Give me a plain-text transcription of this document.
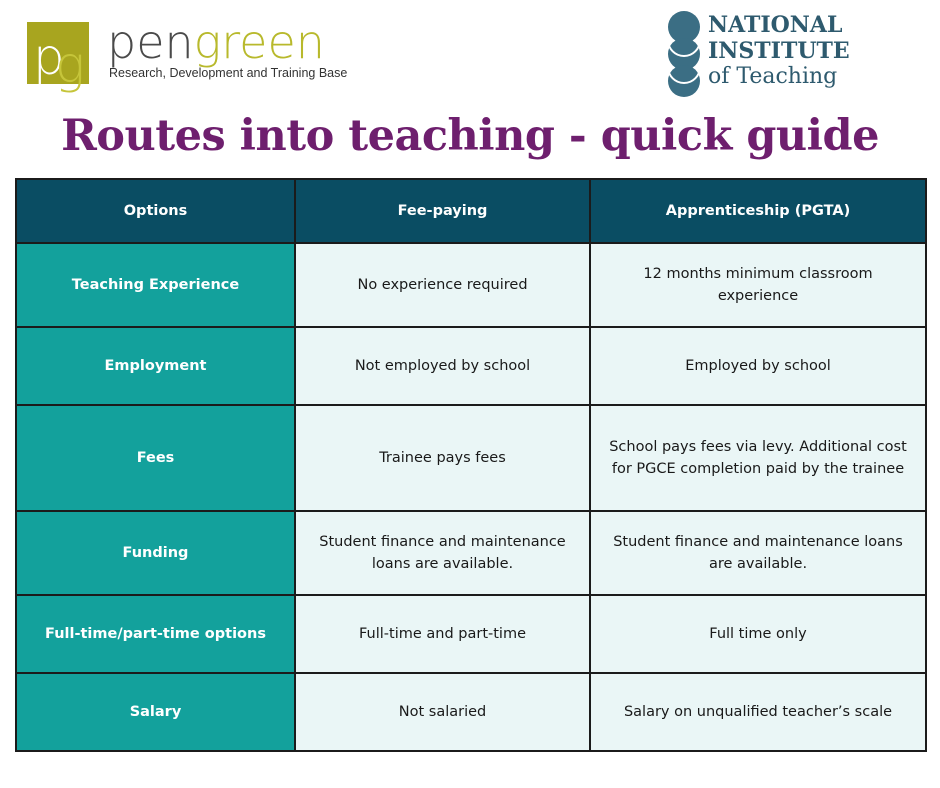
p
g pengreen
Research, Development and Training Base
NATIONAL
INSTITUTE
of Teaching
Routes into teaching - quick guide
Options	Fee-paying	Apprenticeship (PGTA)
Teaching Experience	No experience required	12 months minimum classroom experience
Employment	Not employed by school	Employed by school
Fees	Trainee pays fees	School pays fees via levy. Additional cost for PGCE completion paid by the trainee
Funding	Student finance and maintenance loans are available.	Student finance and maintenance loans are available.
Full-time/part-time options	Full-time and part-time	Full time only
Salary	Not salaried	Salary on unqualified teacher’s scale
